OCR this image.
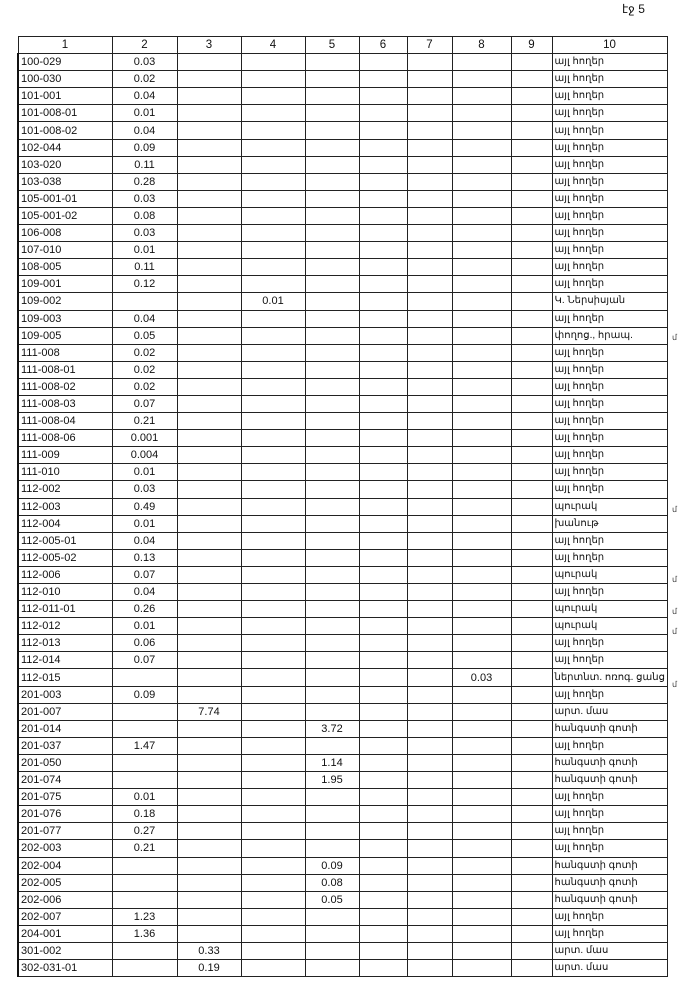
էջ 5
1	2	3	4	5	6	7	8	9	10
100-029	0.03								այլ հողեր
100-030	0.02								այլ հողեր
101-001	0.04								այլ հողեր
101-008-01	0.01								այլ հողեր
101-008-02	0.04								այլ հողեր
102-044	0.09								այլ հողեր
103-020	0.11								այլ հողեր
103-038	0.28								այլ հողեր
105-001-01	0.03								այլ հողեր
105-001-02	0.08								այլ հողեր
106-008	0.03								այլ հողեր
107-010	0.01								այլ հողեր
108-005	0.11								այլ հողեր
109-001	0.12								այլ հողեր
109-002			0.01						Կ. Ներսիսյան
109-003	0.04								այլ հողեր
109-005	0.05								փողոց., հրապ.
111-008	0.02								այլ հողեր
111-008-01	0.02								այլ հողեր
111-008-02	0.02								այլ հողեր
111-008-03	0.07								այլ հողեր
111-008-04	0.21								այլ հողեր
111-008-06	0.001								այլ հողեր
111-009	0.004								այլ հողեր
111-010	0.01								այլ հողեր
112-002	0.03								այլ հողեր
112-003	0.49								պուրակ
112-004	0.01								խանութ
112-005-01	0.04								այլ հողեր
112-005-02	0.13								այլ հողեր
112-006	0.07								պուրակ
112-010	0.04								այլ հողեր
112-011-01	0.26								պուրակ
112-012	0.01								պուրակ
112-013	0.06								այլ հողեր
112-014	0.07								այլ հողեր
112-015							0.03		ներտնտ. ոռոգ. ցանց
201-003	0.09								այլ հողեր
201-007		7.74							արտ. մաս
201-014				3.72					հանգստի գոտի
201-037	1.47								այլ հողեր
201-050				1.14					հանգստի գոտի
201-074				1.95					հանգստի գոտի
201-075	0.01								այլ հողեր
201-076	0.18								այլ հողեր
201-077	0.27								այլ հողեր
202-003	0.21								այլ հողեր
202-004				0.09					հանգստի գոտի
202-005				0.08					հանգստի գոտի
202-006				0.05					հանգստի գոտի
202-007	1.23								այլ հողեր
204-001	1.36								այլ հողեր
301-002		0.33							արտ. մաս
302-031-01		0.19							արտ. մաս
մ
մ
մ
մ
մ
մ
